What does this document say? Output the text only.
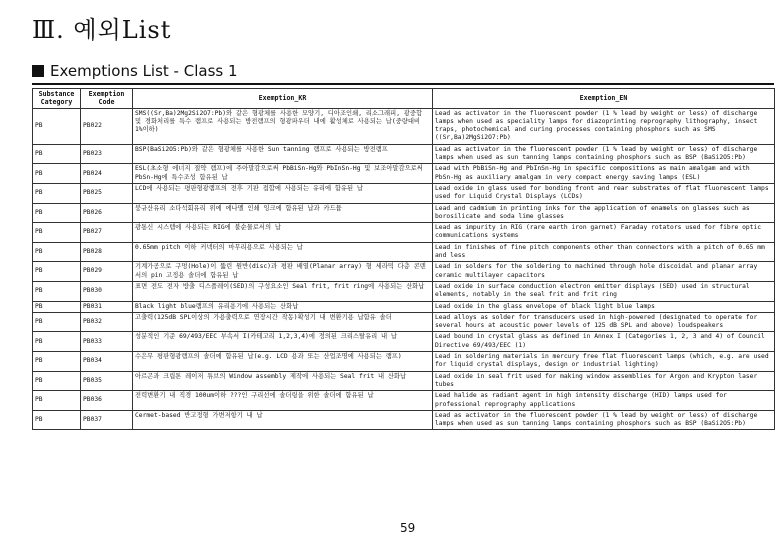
Ⅲ. 예외List
Exemptions List - Class 1
Substance Category	Exemption Code	Exemption_KR	Exemption_EN
PB	PB022	SMS((Sr,Ba)2Mg2Si2O7:Pb)와 같은 형광체를 사용한 모양기, 디아조인쇄, 리소그래피, 광중합 및 경화처리를 특수 램프로 사용되는 방전램프의 형광파우더 내에 활성체로 사용되는 납(중량대비 1%이하)	Lead as activator in the fluorescent powder (1 % lead by weight or less) of discharge lamps when used as speciality lamps for diazoprinting reprography lithography, insect traps, photochemical and curing processes containing phosphors such as SMS ((Sr,Ba)2MgSi2O7:Pb)
PB	PB023	BSP(BaSi2O5:Pb)와 같은 형광체를 사용한 Sun tanning 램프로 사용되는 방전램프	Lead as activator in the fluorescent powder (1 % lead by weight or less) of discharge lamps when used as sun tanning lamps containing phosphors such as BSP (BaSi2O5:Pb)
PB	PB024	ESL(초소형 에너지 절약 램프)에 주아말감으로써 PbBiSn-Hg와 PbInSn-Hg 및 보조아말감으로써 PbSn-Hg에 특수조성 함유된 납	Lead with PbBiSn-Hg and PbInSn-Hg in specific compositions as main amalgam and with PbSn-Hg as auxiliary amalgam in very compact energy saving lamps (ESL)
PB	PB025	LCD에 사용되는 평판형광램프의 전후 기판 접합에 사용되는 유리에 함유된 납	Lead oxide in glass used for bonding front and rear substrates of flat fluorescent lamps used for Liquid Crystal Displays (LCDs)
PB	PB026	붕규산유리 소다석회유리 위에 에나멜 인쇄 잉크에 함유된 납과 카드뮴	Lead and cadmium in printing inks for the application of enamels on glasses such as borosilicate and soda lime glasses
PB	PB027	광통신 시스템에 사용되는 RIG에 불순물로서의 납	Lead as impurity in RIG (rare earth iron garnet) Faraday rotators used for fibre optic communications systems
PB	PB028	0.65mm pitch 이하 커넥터의 마무리용으로 사용되는 납	Lead in finishes of fine pitch components other than connectors with a pitch of 0.65 mm and less
PB	PB029	기계가공으로 구멍(Hole)이 뚫린 원반(disc)과 평판 배열(Planar array) 형 세라믹 다층 콘덴서의 pin 고정용 솔더에 함유된 납	Lead in solders for the soldering to machined through hole discoidal and planar array ceramic multilayer capacitors
PB	PB030	표면 전도 전자 방출 디스플레이(SED)의 구성요소인 Seal frit, frit ring에 사용되는 산화납	Lead oxide in surface conduction electron emitter displays (SED) used in structural elements, notably in the seal frit and frit ring
PB	PB031	Black light blue램프의 유리용기에 사용되는 산화납	Lead oxide in the glass envelope of black light blue lamps
PB	PB032	고출력(125dB SPL이상의 가용출력으로 연장시간 작동)확성기 내 변환기용 납함유 솔더	Lead alloys as solder for transducers used in high-powered (designated to operate for several hours at acoustic power levels of 125 dB SPL and above) loudspeakers
PB	PB033	성분적인 기준 69/493/EEC 부속서 I(카테고리 1,2,3,4)에 정의된 크리스탈유리 내 납	Lead bound in crystal glass as defined in Annex I (Categories 1, 2, 3 and 4) of Council Directive 69/493/EEC (1)
PB	PB034	수은무 평판형광램프의 솔더에 함유된 납(e.g. LCD 용과 또는 산업조명에 사용되는 램프)	Lead in soldering materials in mercury free flat fluorescent lamps (which, e.g. are used for liquid crystal displays, design or industrial lighting)
PB	PB035	아르곤과 크립톤 레이저 튜브의 Window assembly 제작에 사용되는 Seal frit 내 산화납	Lead oxide in seal frit used for making window assemblies for Argon and Krypton laser tubes
PB	PB036	전력변환기 내 직경 100um이하 ???인 구리선에 솔더링을 위한 솔더에 함유된 납	Lead halide as radiant agent in high intensity discharge (HID) lamps used for professional reprography applications
PB	PB037	Cermet-based 반고정형 가변저항기 내 납	Lead as activator in the fluorescent powder (1 % lead by weight or less) of discharge lamps when used as sun tanning lamps containing phosphors such as BSP (BaSi2O5:Pb)
59
